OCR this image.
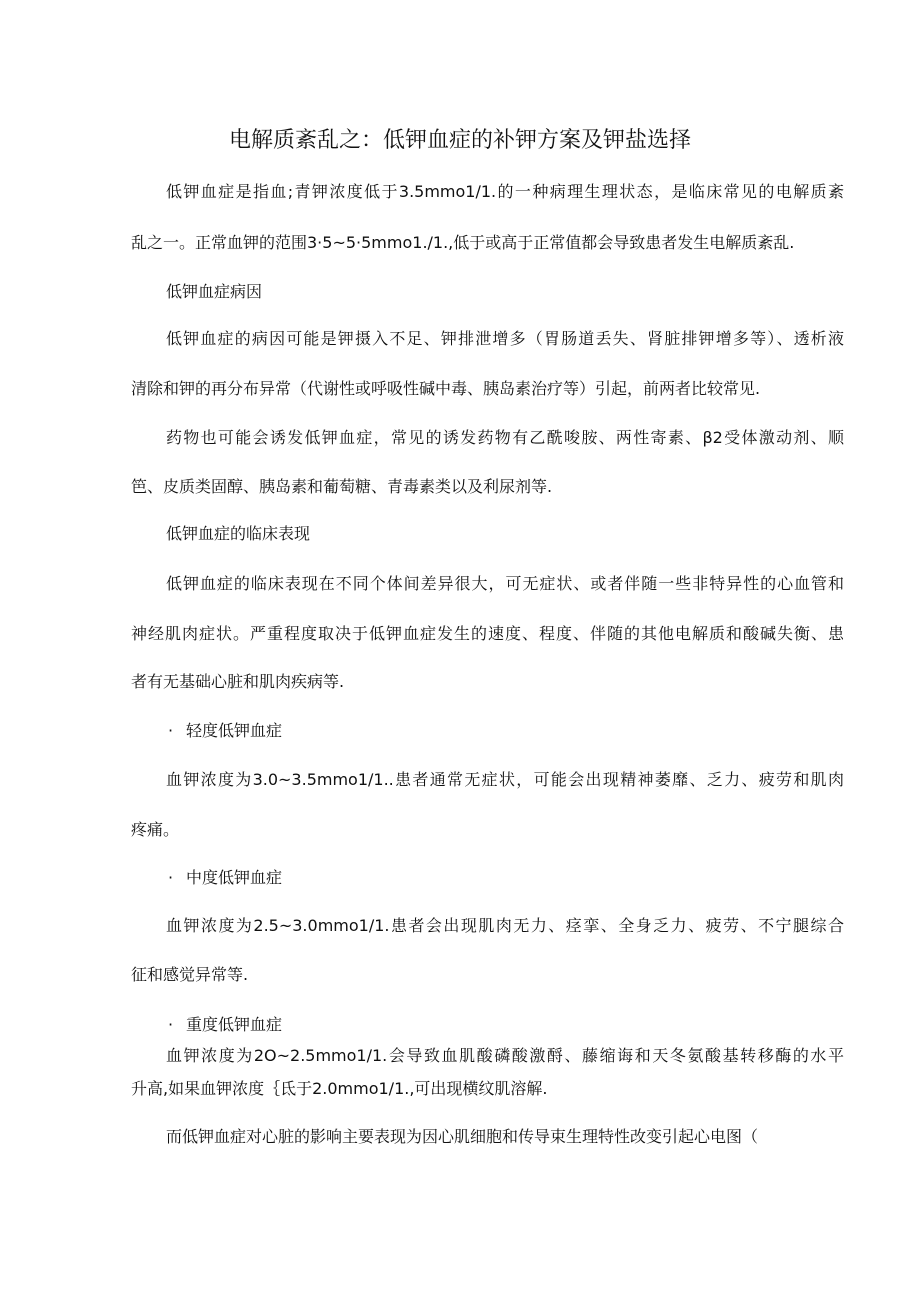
电解质紊乱之：低钾血症的补钾方案及钾盐选择

低钾血症是指血;青钾浓度低于3.5mmo1∕1.的一种病理生理状态，是临床常见的电解质紊

乱之一。正常血钾的范围3·5~5·5mmo1./1.,低于或高于正常值都会导致患者发生电解质紊乱.

低钾血症病因

低钾血症的病因可能是钾摄入不足、钾排泄增多（胃肠道丢失、肾脏排钾增多等）、透析液

清除和钾的再分布异常（代谢性或呼吸性碱中毒、胰岛素治疗等）引起，前两者比较常见.

药物也可能会诱发低钾血症，常见的诱发药物有乙酰唆胺、两性寄素、β2受体激动剂、顺

笆、皮质类固醇、胰岛素和葡萄糖、青毒素类以及利尿剂等.

低钾血症的临床表现

低钾血症的临床表现在不同个体间差异很大，可无症状、或者伴随一些非特异性的心血管和

神经肌肉症状。严重程度取决于低钾血症发生的速度、程度、伴随的其他电解质和酸碱失衡、患

者有无基础心脏和肌肉疾病等.

· 轻度低钾血症

血钾浓度为3.0~3.5mmo1∕1..患者通常无症状，可能会出现精神萎靡、乏力、疲劳和肌肉

疼痛。

· 中度低钾血症

血钾浓度为2.5~3.0mmo1∕1.患者会出现肌肉无力、痉挛、全身乏力、疲劳、不宁腿综合

征和感觉异常等.

· 重度低钾血症

血钾浓度为2O~2.5mmo1∕1.会导致血肌酸磷酸激酹、藤缩诲和天冬氨酸基转移酶的水平

升高,如果血钾浓度｛氐于2.0mmo1∕1.,可出现横纹肌溶解.

而低钾血症对心脏的影响主要表现为因心肌细胞和传导束生理特性改变引起心电图（
